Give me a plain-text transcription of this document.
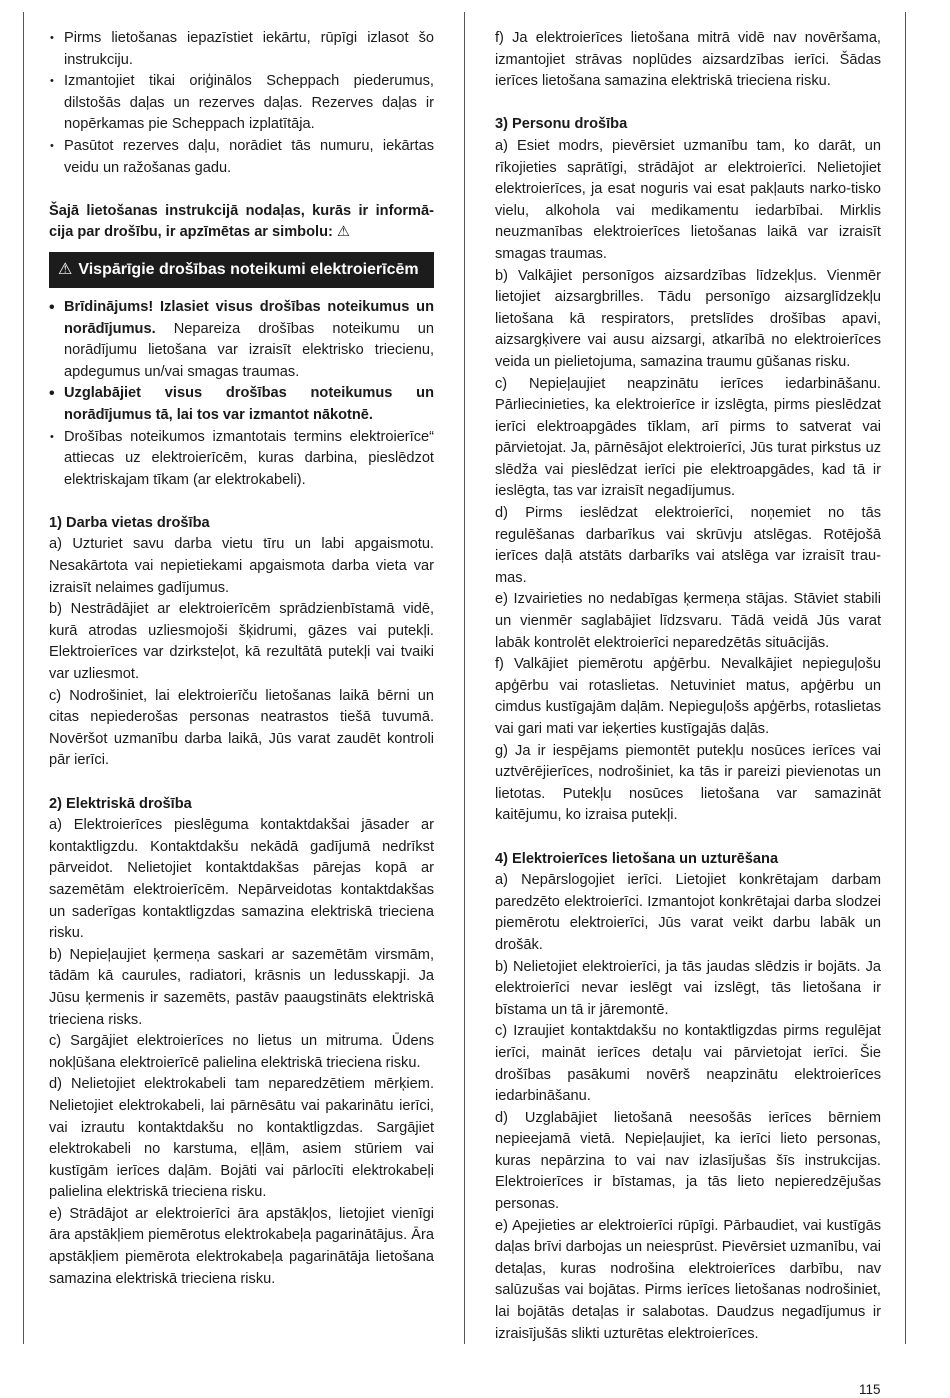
• Pirms lietošanas iepazīstiet iekārtu, rūpīgi izlasot šo instrukciju.
• Izmantojiet tikai oriģinālos Scheppach piederumus, dilstošās daļas un rezerves daļas. Rezerves daļas ir nopērkamas pie Scheppach izplatītāja.
• Pasūtot rezerves daļu, norādiet tās numuru, iekārtas veidu un ražošanas gadu.

Šajā lietošanas instrukcijā nodaļas, kurās ir informā-cija par drošību, ir apzīmētas ar simbolu: ⚠

⚠ Vispārīgie drošības noteikumi elektroierīcēm
• Brīdinājums! Izlasiet visus drošības noteikumus un norādījumus. Nepareiza drošības noteikumu un norādījumu lietošana var izraisīt elektrisko triecienu, apdegumus un/vai smagas traumas.
• Uzglabājiet visus drošības noteikumus un norādījumus tā, lai tos var izmantot nākotnē.
• Drošības noteikumos izmantotais termins elektroierīce“ attiecas uz elektroierīcēm, kuras darbina, pieslēdzot elektriskajam tīkam (ar elektrokabeli).
1) Darba vietas drošība

a) Uzturiet savu darba vietu tīru un labi apgaismotu. Nesakārtota vai nepietiekami apgaismota darba vieta var izraisīt nelaimes gadījumus.

b) Nestrādājiet ar elektroierīcēm sprādzienbīstamā vidē, kurā atrodas uzliesmojoši šķidrumi, gāzes vai putekļi. Elektroierīces var dzirksteļot, kā rezultātā putekļi vai tvaiki var uzliesmot.

c) Nodrošiniet, lai elektroierīču lietošanas laikā bērni un citas nepiederošas personas neatrastos tiešā tuvumā. Novēršot uzmanību darba laikā, Jūs varat zaudēt kontroli pār ierīci.

2) Elektriskā drošība

a) Elektroierīces pieslēguma kontaktdakšai jāsader ar kontaktligzdu. Kontaktdakšu nekādā gadījumā nedrīkst pārveidot. Nelietojiet kontaktdakšas pārejas kopā ar sazemētām elektroierīcēm. Nepārveidotas kontaktdakšas un saderīgas kontaktligzdas samazina elektriskā trieciena risku.

b) Nepieļaujiet ķermeņa saskari ar sazemētām virsmām, tādām kā caurules, radiatori, krāsnis un ledusskapji. Ja Jūsu ķermenis ir sazemēts, pastāv paaugstināts elektriskā trieciena risks.

c) Sargājiet elektroierīces no lietus un mitruma. Ūdens nokļūšana elektroierīcē palielina elektriskā trieciena risku.

d) Nelietojiet elektrokabeli tam neparedzētiem mērķiem. Nelietojiet elektrokabeli, lai pārnēsātu vai pakarinātu ierīci, vai izrautu kontaktdakšu no kontaktligzdas. Sargājiet elektrokabeli no karstuma, eļļām, asiem stūriem vai kustīgām ierīces daļām. Bojāti vai pārlocīti elektrokabeļi palielina elektriskā trieciena risku.

e) Strādājot ar elektroierīci āra apstākļos, lietojiet vienīgi āra apstākļiem piemērotus elektrokabeļa pagarinātājus. Āra apstākļiem piemērota elektrokabeļa pagarinātāja lietošana samazina elektriskā trieciena risku.

f) Ja elektroierīces lietošana mitrā vidē nav novēršama, izmantojiet strāvas noplūdes aizsardzības ierīci. Šādas ierīces lietošana samazina elektriskā trieciena risku.

3) Personu drošība

a) Esiet modrs, pievērsiet uzmanību tam, ko darāt, un rīkojieties saprātīgi, strādājot ar elektroierīci. Nelietojiet elektroierīces, ja esat noguris vai esat pakļauts narko-tisko vielu, alkohola vai medikamentu iedarbībai. Mirklis neuzmanības elektroierīces lietošanas laikā var izraisīt smagas traumas.

b) Valkājiet personīgos aizsardzības līdzekļus. Vienmēr lietojiet aizsargbrilles. Tādu personīgo aizsarglīdzekļu lietošana kā respirators, pretslīdes drošības apavi, aizsargķivere vai ausu aizsargi, atkarībā no elektroierīces veida un pielietojuma, samazina traumu gūšanas risku.

c) Nepieļaujiet neapzinātu ierīces iedarbināšanu. Pārliecinieties, ka elektroierīce ir izslēgta, pirms pieslēdzat ierīci elektroapgādes tīklam, arī pirms to satverat vai pārvietojat. Ja, pārnēsājot elektroierīci, Jūs turat pirkstus uz slēdža vai pieslēdzat ierīci pie elektroapgādes, kad tā ir ieslēgta, tas var izraisīt negadījumus.

d) Pirms ieslēdzat elektroierīci, noņemiet no tās regulēšanas darbarīkus vai skrūvju atslēgas. Rotējošā ierīces daļā atstāts darbarīks vai atslēga var izraisīt trau-mas.

e) Izvairieties no nedabīgas ķermeņa stājas. Stāviet stabili un vienmēr saglabājiet līdzsvaru. Tādā veidā Jūs varat labāk kontrolēt elektroierīci neparedzētās situācijās.

f) Valkājiet piemērotu apģērbu. Nevalkājiet nepieguļošu apģērbu vai rotaslietas. Netuviniet matus, apģērbu un cimdus kustīgajām daļām. Nepieguļošs apģērbs, rotaslietas vai gari mati var ieķerties kustīgajās daļās.

g) Ja ir iespējams piemontēt putekļu nosūces ierīces vai uztvērējierīces, nodrošiniet, ka tās ir pareizi pievienotas un lietotas. Putekļu nosūces lietošana var samazināt kaitējumu, ko izraisa putekļi.

4) Elektroierīces lietošana un uzturēšana

a) Nepārslogojiet ierīci. Lietojiet konkrētajam darbam paredzēto elektroierīci. Izmantojot konkrētajai darba slodzei piemērotu elektroierīci, Jūs varat veikt darbu labāk un drošāk.

b) Nelietojiet elektroierīci, ja tās jaudas slēdzis ir bojāts. Ja elektroierīci nevar ieslēgt vai izslēgt, tās lietošana ir bīstama un tā ir jāremontē.

c) Izraujiet kontaktdakšu no kontaktligzdas pirms regulējat ierīci, maināt ierīces detaļu vai pārvietojat ierīci. Šie drošības pasākumi novērš neapzinātu elektroierīces iedarbināšanu.

d) Uzglabājiet lietošanā neesošās ierīces bērniem nepieejamā vietā. Nepieļaujiet, ka ierīci lieto personas, kuras nepārzina to vai nav izlasījušas šīs instrukcijas. Elektroierīces ir bīstamas, ja tās lieto nepieredzējušas personas.

e) Apejieties ar elektroierīci rūpīgi. Pārbaudiet, vai kustīgās daļas brīvi darbojas un neiesprūst. Pievērsiet uzmanību, vai detaļas, kuras nodrošina elektroierīces darbību, nav salūzušas vai bojātas. Pirms ierīces lietošanas nodrošiniet, lai bojātās detaļas ir salabotas. Daudzus negadījumus ir izraisījušās slikti uzturētas elektroierīces.

115
